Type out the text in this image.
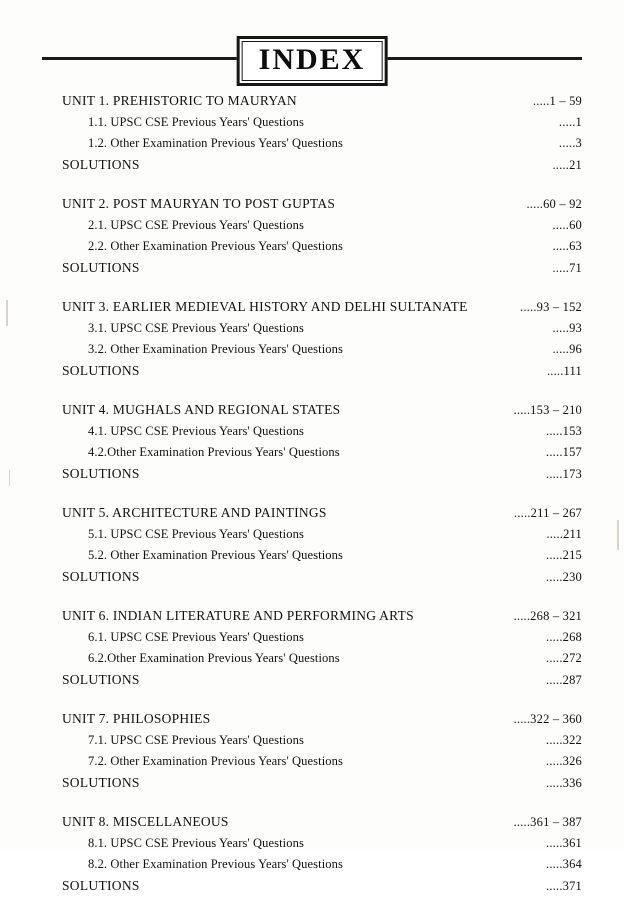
INDEX
UNIT 1. PREHISTORIC TO MAURYAN	.....1 – 59
1.1. UPSC CSE Previous Years' Questions	.....1
1.2. Other Examination Previous Years' Questions	.....3
SOLUTIONS	.....21
UNIT 2. POST MAURYAN TO POST GUPTAS	.....60 – 92
2.1. UPSC CSE Previous Years' Questions	.....60
2.2. Other Examination Previous Years' Questions	.....63
SOLUTIONS	.....71
UNIT 3. EARLIER MEDIEVAL HISTORY AND DELHI SULTANATE	.....93 – 152
3.1. UPSC CSE Previous Years' Questions	.....93
3.2. Other Examination Previous Years' Questions	.....96
SOLUTIONS	.....111
UNIT 4. MUGHALS AND REGIONAL STATES	.....153 – 210
4.1. UPSC CSE Previous Years' Questions	.....153
4.2.Other Examination Previous Years' Questions	.....157
SOLUTIONS	.....173
UNIT 5. ARCHITECTURE AND PAINTINGS	.....211 – 267
5.1. UPSC CSE Previous Years' Questions	.....211
5.2. Other Examination Previous Years' Questions	.....215
SOLUTIONS	.....230
UNIT 6. INDIAN LITERATURE AND PERFORMING ARTS	.....268 – 321
6.1. UPSC CSE Previous Years' Questions	.....268
6.2.Other Examination Previous Years' Questions	.....272
SOLUTIONS	.....287
UNIT 7. PHILOSOPHIES	.....322 – 360
7.1. UPSC CSE Previous Years' Questions	.....322
7.2. Other Examination Previous Years' Questions	.....326
SOLUTIONS	.....336
UNIT 8. MISCELLANEOUS	.....361 – 387
8.1. UPSC CSE Previous Years' Questions	.....361
8.2. Other Examination Previous Years' Questions	.....364
SOLUTIONS	.....371
